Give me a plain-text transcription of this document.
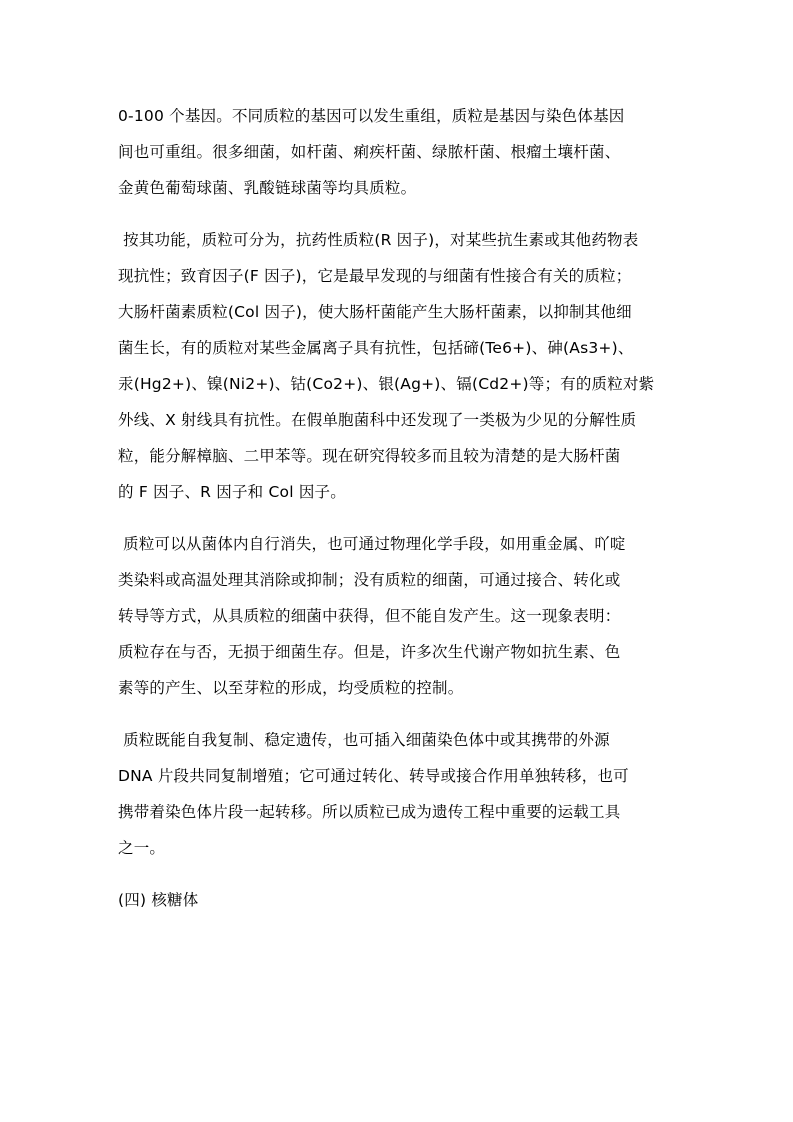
0-100 个基因。不同质粒的基因可以发生重组，质粒是基因与染色体基因
间也可重组。很多细菌，如杆菌、痢疾杆菌、绿脓杆菌、根瘤土壤杆菌、
金黄色葡萄球菌、乳酸链球菌等均具质粒。
按其功能，质粒可分为，抗药性质粒(R 因子)，对某些抗生素或其他药物表
现抗性；致育因子(F 因子)，它是最早发现的与细菌有性接合有关的质粒；
大肠杆菌素质粒(Col 因子)，使大肠杆菌能产生大肠杆菌素，以抑制其他细
菌生长，有的质粒对某些金属离子具有抗性，包括碲(Te6+)、砷(As3+)、
汞(Hg2+)、镍(Ni2+)、钴(Co2+)、银(Ag+)、镉(Cd2+)等；有的质粒对紫
外线、X 射线具有抗性。在假单胞菌科中还发现了一类极为少见的分解性质
粒，能分解樟脑、二甲苯等。现在研究得较多而且较为清楚的是大肠杆菌
的 F 因子、R 因子和 Col 因子。
质粒可以从菌体内自行消失，也可通过物理化学手段，如用重金属、吖啶
类染料或高温处理其消除或抑制；没有质粒的细菌，可通过接合、转化或
转导等方式，从具质粒的细菌中获得，但不能自发产生。这一现象表明：
质粒存在与否，无损于细菌生存。但是，许多次生代谢产物如抗生素、色
素等的产生、以至芽粒的形成，均受质粒的控制。
质粒既能自我复制、稳定遗传，也可插入细菌染色体中或其携带的外源
DNA 片段共同复制增殖；它可通过转化、转导或接合作用单独转移，也可
携带着染色体片段一起转移。所以质粒已成为遗传工程中重要的运载工具
之一。
(四) 核糖体
